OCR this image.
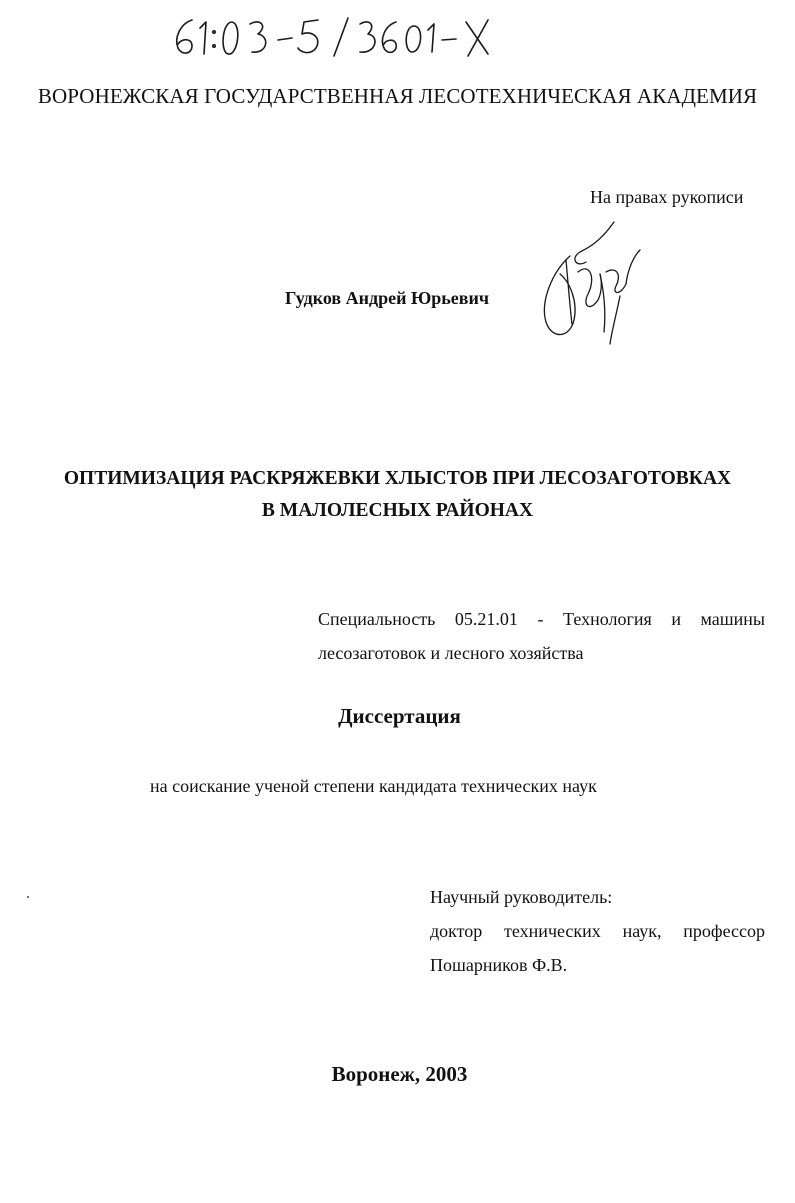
ВОРОНЕЖСКАЯ ГОСУДАРСТВЕННАЯ ЛЕСОТЕХНИЧЕСКАЯ АКАДЕМИЯ
На правах рукописи
Гудков Андрей Юрьевич
ОПТИМИЗАЦИЯ РАСКРЯЖЕВКИ ХЛЫСТОВ ПРИ ЛЕСОЗАГОТОВКАХ
В МАЛОЛЕСНЫХ РАЙОНАХ
Специальность 05.21.01 - Технология и машины лесозаготовок и лесного хозяйства
Диссертация
на соискание ученой степени кандидата технических наук
Научный руководитель:
доктор технических наук, профессор
Пошарников Ф.В.
Воронеж, 2003
